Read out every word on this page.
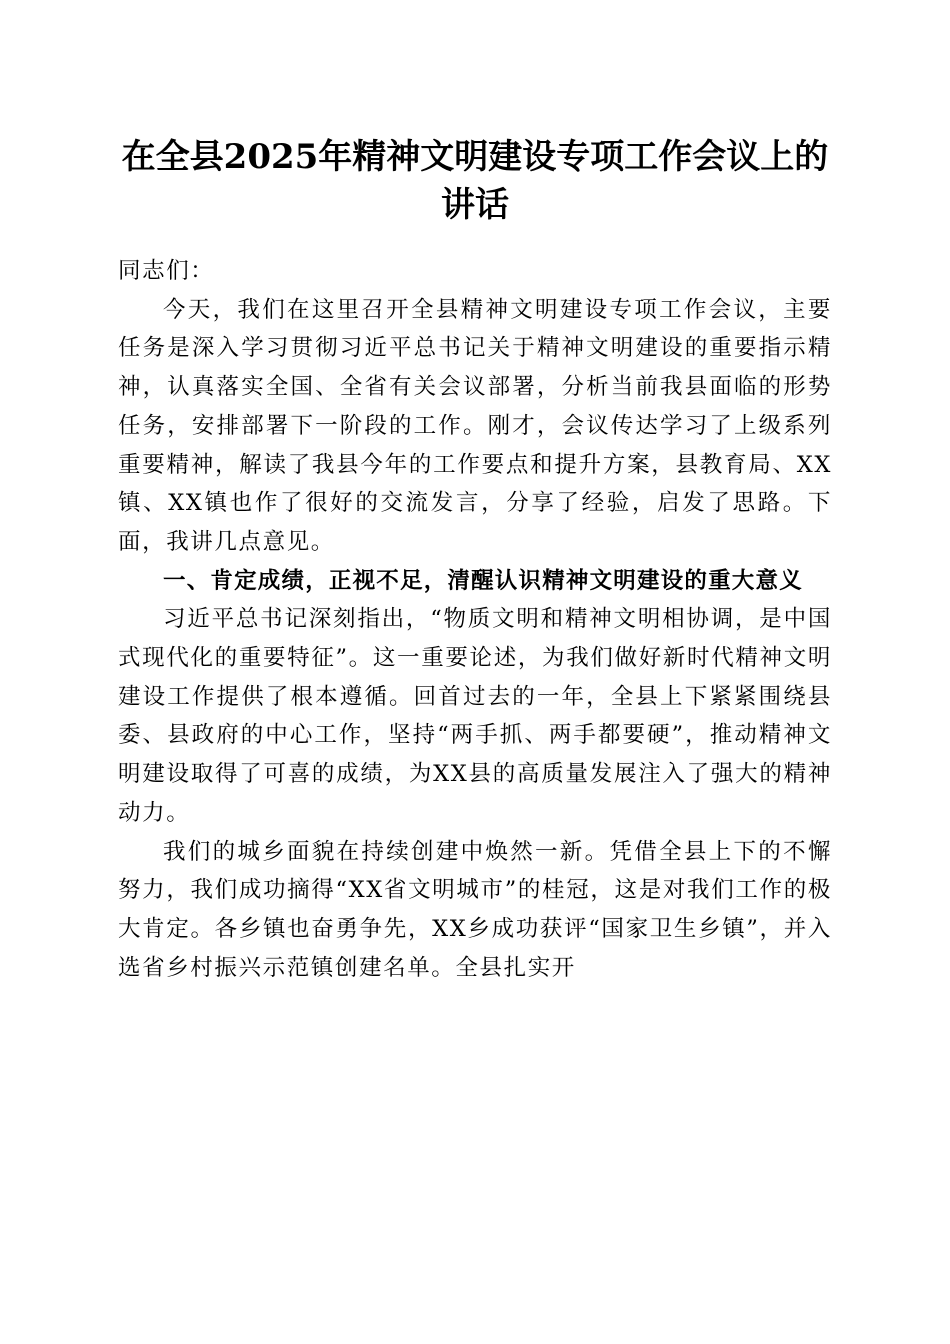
在全县2025年精神文明建设专项工作会议上的讲话

同志们：

今天，我们在这里召开全县精神文明建设专项工作会议，主要任务是深入学习贯彻习近平总书记关于精神文明建设的重要指示精神，认真落实全国、全省有关会议部署，分析当前我县面临的形势任务，安排部署下一阶段的工作。刚才，会议传达学习了上级系列重要精神，解读了我县今年的工作要点和提升方案，县教育局、XX镇、XX镇也作了很好的交流发言，分享了经验，启发了思路。下面，我讲几点意见。

一、肯定成绩，正视不足，清醒认识精神文明建设的重大意义

习近平总书记深刻指出，“物质文明和精神文明相协调，是中国式现代化的重要特征”。这一重要论述，为我们做好新时代精神文明建设工作提供了根本遵循。回首过去的一年，全县上下紧紧围绕县委、县政府的中心工作，坚持“两手抓、两手都要硬”，推动精神文明建设取得了可喜的成绩，为XX县的高质量发展注入了强大的精神动力。

我们的城乡面貌在持续创建中焕然一新。凭借全县上下的不懈努力，我们成功摘得“XX省文明城市”的桂冠，这是对我们工作的极大肯定。各乡镇也奋勇争先，XX乡成功获评“国家卫生乡镇”，并入选省乡村振兴示范镇创建名单。全县扎实开
